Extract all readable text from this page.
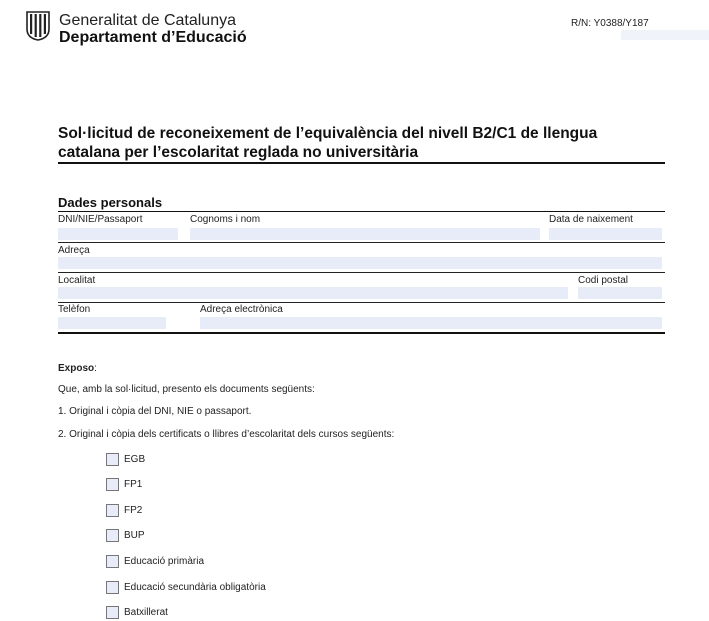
Generalitat de Catalunya
Departament d’Educació
R/N: Y0388/Y187
Sol·licitud de reconeixement de l’equivalència del nivell B2/C1 de llengua catalana per l’escolaritat reglada no universitària
Dades personals
DNI/NIE/Passaport	Cognoms i nom	Data de naixement
Adreça
Localitat	Codi postal
Telèfon	Adreça electrònica
Exposo:
Que, amb la sol·licitud, presento els documents següents:
1. Original i còpia del DNI, NIE o passaport.
2. Original i còpia dels certificats o llibres d’escolaritat dels cursos següents:
EGB
FP1
FP2
BUP
Educació primària
Educació secundària obligatòria
Batxillerat
